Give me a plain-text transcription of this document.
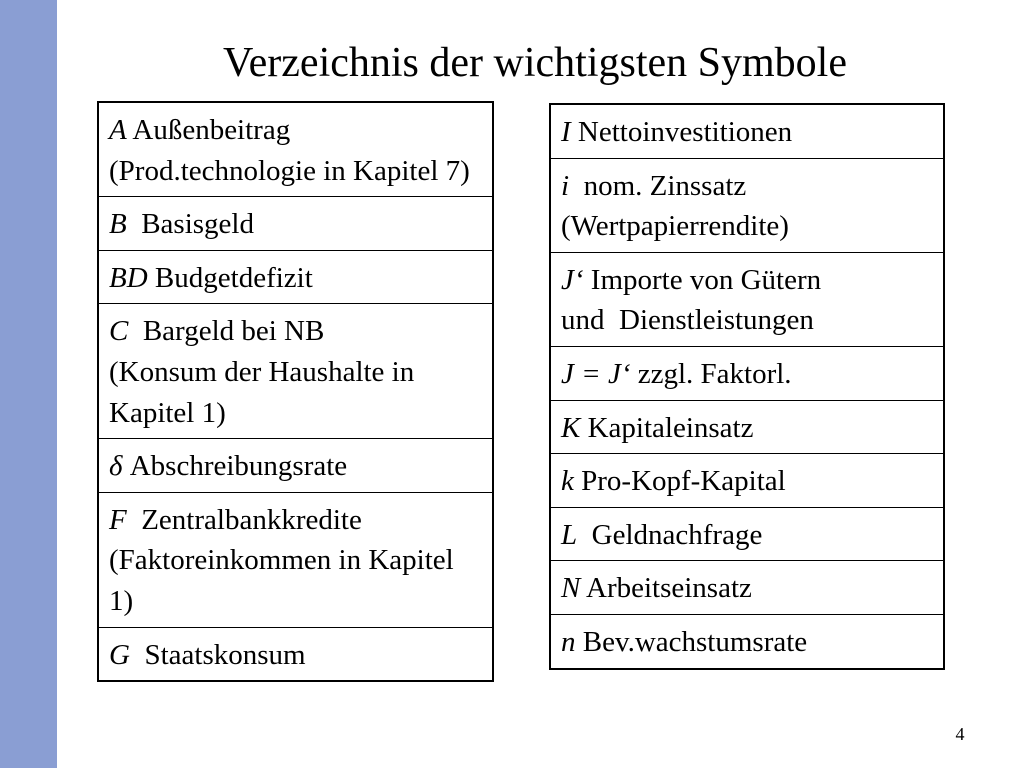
Verzeichnis der wichtigsten Symbole
A Außenbeitrag
(Prod.technologie in Kapitel 7)
B Basisgeld
BD Budgetdefizit
C Bargeld bei NB
(Konsum der Haushalte in Kapitel 1)
δ Abschreibungsrate
F Zentralbankkredite
(Faktoreinkommen in Kapitel 1)
G Staatskonsum
I Nettoinvestitionen
i nom. Zinssatz
(Wertpapierrendite)
J‘ Importe von Gütern
und  Dienstleistungen
J = J‘ zzgl. Faktorl.
K Kapitaleinsatz
k Pro-Kopf-Kapital
L Geldnachfrage
N Arbeitseinsatz
n Bev.wachstumsrate
4
